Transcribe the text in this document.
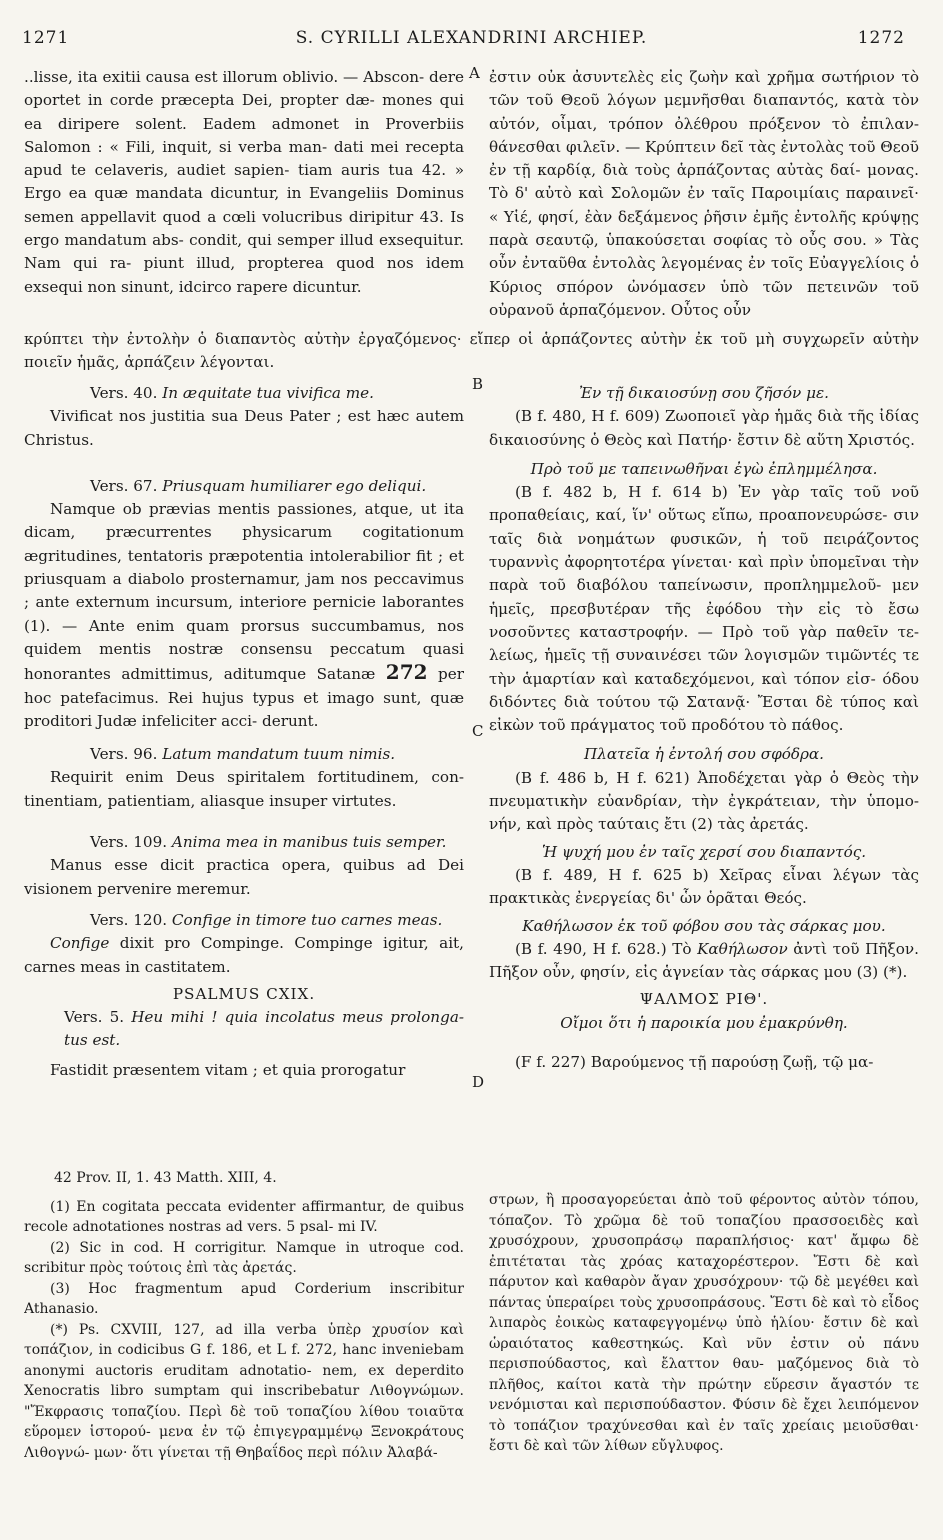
1271	S. CYRILLI ALEXANDRINI ARCHIEP.	1272
A
B
C
D

..lisse, ita exitii causa est illorum oblivio. — Abscon- dere oportet in corde præcepta Dei, propter dæ- mones qui ea diripere solent. Eadem admonet in Proverbiis Salomon : « Fili, inquit, si verba man- dati mei recepta apud te celaveris, audiet sapien- tiam auris tua 42. » Ergo ea quæ mandata dicuntur, in Evangeliis Dominus semen appellavit quod a cœli volucribus diripitur 43. Is ergo mandatum abs- condit, qui semper illud exsequitur. Nam qui ra- piunt illud, propterea quod nos idem exsequi non sinunt, idcirco rapere dicuntur.

ἐστιν οὐκ ἀσυντελὲς εἰς ζωὴν καὶ χρῆμα σωτήριον τὸ τῶν τοῦ Θεοῦ λόγων μεμνῆσθαι διαπαντός, κατὰ τὸν αὐτόν, οἶμαι, τρόπον ὀλέθρου πρόξενον τὸ ἐπιλαν- θάνεσθαι φιλεῖν. — Κρύπτειν δεῖ τὰς ἐντολὰς τοῦ Θεοῦ ἐν τῇ καρδίᾳ, διὰ τοὺς ἁρπάζοντας αὐτὰς δαί- μονας. Τὸ δ' αὐτὸ καὶ Σολομῶν ἐν ταῖς Παροιμίαις παραινεῖ· « Υἱέ, φησί, ἐὰν δεξάμενος ῥῆσιν ἐμῆς ἐντολῆς κρύψῃς παρὰ σεαυτῷ, ὑπακούσεται σοφίας τὸ οὖς σου. » Τὰς οὖν ἐνταῦθα ἐντολὰς λεγομένας ἐν τοῖς Εὐαγγελίοις ὁ Κύριος σπόρον ὠνόμασεν ὑπὸ τῶν πετεινῶν τοῦ οὐρανοῦ ἁρπαζόμενον. Οὗτος οὖν

κρύπτει τὴν ἐντολὴν ὁ διαπαντὸς αὐτὴν ἐργαζόμενος· εἴπερ οἱ ἁρπάζοντες αὐτὴν ἐκ τοῦ μὴ συγχωρεῖν αὐτὴν ποιεῖν ἡμᾶς, ἁρπάζειν λέγονται.

Vers. 40. In æquitate tua vivifica me.

Vivificat nos justitia sua Deus Pater ; est hæc autem Christus.

Vers. 67. Priusquam humiliarer ego deliqui.

Namque ob prævias mentis passiones, atque, ut ita dicam, præcurrentes physicarum cogitationum ægritudines, tentatoris præpotentia intolerabilior fit ; et priusquam a diabolo prosternamur, jam nos peccavimus ; ante externum incursum, interiore pernicie laborantes (1). — Ante enim quam prorsus succumbamus, nos quidem mentis nostræ consensu peccatum quasi honorantes admittimus, aditumque Satanæ 272 per hoc patefacimus. Rei hujus typus et imago sunt, quæ proditori Judæ infeliciter acci- derunt.

Vers. 96. Latum mandatum tuum nimis.

Requirit enim Deus spiritalem fortitudinem, con- tinentiam, patientiam, aliasque insuper virtutes.

Vers. 109. Anima mea in manibus tuis semper.

Manus esse dicit practica opera, quibus ad Dei visionem pervenire meremur.

Vers. 120. Confige in timore tuo carnes meas.

Confige dixit pro Compinge. Compinge igitur, ait, carnes meas in castitatem.

PSALMUS CXIX.

Vers. 5. Heu mihi ! quia incolatus meus prolonga- tus est.

Fastidit præsentem vitam ; et quia prorogatur

Ἐν τῇ δικαιοσύνῃ σου ζῆσόν με.

(B f. 480, H f. 609) Ζωοποιεῖ γὰρ ἡμᾶς διὰ τῆς ἰδίας δικαιοσύνης ὁ Θεὸς καὶ Πατήρ· ἔστιν δὲ αὕτη Χριστός.

Πρὸ τοῦ με ταπεινωθῆναι ἐγὼ ἐπλημμέλησα.

(B f. 482 b, H f. 614 b) Ἐν γὰρ ταῖς τοῦ νοῦ προπαθείαις, καί, ἵν' οὕτως εἴπω, προαπονευρώσε- σιν ταῖς διὰ νοημάτων φυσικῶν, ἡ τοῦ πειράζοντος τυραννὶς ἀφορητοτέρα γίνεται· καὶ πρὶν ὑπομεῖναι τὴν παρὰ τοῦ διαβόλου ταπείνωσιν, προπλημμελοῦ- μεν ἡμεῖς, πρεσβυτέραν τῆς ἐφόδου τὴν εἰς τὸ ἔσω νοσοῦντες καταστροφήν. — Πρὸ τοῦ γὰρ παθεῖν τε- λείως, ἡμεῖς τῇ συναινέσει τῶν λογισμῶν τιμῶντές τε τὴν ἁμαρτίαν καὶ καταδεχόμενοι, καὶ τόπον εἰσ- όδου διδόντες διὰ τούτου τῷ Σατανᾷ· Ἔσται δὲ τύπος καὶ εἰκὼν τοῦ πράγματος τοῦ προδότου τὸ πάθος.

Πλατεῖα ἡ ἐντολή σου σφόδρα.

(B f. 486 b, H f. 621) Ἀποδέχεται γὰρ ὁ Θεὸς τὴν πνευματικὴν εὐανδρίαν, τὴν ἐγκράτειαν, τὴν ὑπομο- νήν, καὶ πρὸς ταύταις ἔτι (2) τὰς ἀρετάς.

Ἡ ψυχή μου ἐν ταῖς χερσί σου διαπαντός.

(B f. 489, H f. 625 b) Χεῖρας εἶναι λέγων τὰς πρακτικὰς ἐνεργείας δι' ὧν ὁρᾶται Θεός.

Καθήλωσον ἐκ τοῦ φόβου σου τὰς σάρκας μου.

(B f. 490, H f. 628.) Τὸ Καθήλωσον ἀντὶ τοῦ Πῆξον. Πῆξον οὖν, φησίν, εἰς ἁγνείαν τὰς σάρκας μου (3) (*).

ΨΑΛΜΟΣ ΡΙΘ'.

Οἴμοι ὅτι ἡ παροικία μου ἐμακρύνθη.

(F f. 227) Βαρούμενος τῇ παρούσῃ ζωῇ, τῷ μα-

42 Prov. II, 1. 43 Matth. XIII, 4.

(1) En cogitata peccata evidenter affirmantur, de quibus recole adnotationes nostras ad vers. 5 psal- mi IV.

(2) Sic in cod. H corrigitur. Namque in utroque cod. scribitur πρὸς τούτοις ἐπὶ τὰς ἀρετάς.

(3) Hoc fragmentum apud Corderium inscribitur Athanasio.

(*) Ps. CXVIII, 127, ad illa verba ὑπὲρ χρυσίον καὶ τοπάζιον, in codicibus G f. 186, et L f. 272, hanc inveniebam anonymi auctoris eruditam adnotatio- nem, ex deperdito Xenocratis libro sumptam qui inscribebatur Λιθογνώμων. "Ἔκφρασις τοπαζίου. Περὶ δὲ τοῦ τοπαζίου λίθου τοιαῦτα εὕρομεν ἱστορού- μενα ἐν τῷ ἐπιγεγραμμένῳ Ξενοκράτους Λιθογνώ- μων· ὅτι γίνεται τῇ Θηβαΐδος περὶ πόλιν Ἀλαβά-

στρων, ἢ προσαγορεύεται ἀπὸ τοῦ φέροντος αὐτὸν τόπου, τόπαζον. Τὸ χρῶμα δὲ τοῦ τοπαζίου πρασσοειδὲς καὶ χρυσόχρουν, χρυσοπράσῳ παραπλήσιος· κατ' ἄμφω δὲ ἐπιτέταται τὰς χρόας καταχορέστερον. Ἔστι δὲ καὶ πάρυτον καὶ καθαρὸν ἄγαν χρυσόχρουν· τῷ δὲ μεγέθει καὶ πάντας ὑπεραίρει τοὺς χρυσοπράσους. Ἔστι δὲ καὶ τὸ εἶδος λιπαρὸς ἐοικὼς καταφεγγομένῳ ὑπὸ ἡλίου· ἔστιν δὲ καὶ ὡραιότατος καθεστηκώς. Καὶ νῦν ἐστιν οὐ πάνυ περισπούδαστος, καὶ ἔλαττον θαυ- μαζόμενος διὰ τὸ πλῆθος, καίτοι κατὰ τὴν πρώτην εὕρεσιν ἄγαστόν τε νενόμισται καὶ περισπούδαστον. Φύσιν δὲ ἔχει λειπόμενον τὸ τοπάζιον τραχύνεσθαι καὶ ἐν ταῖς χρείαις μειοῦσθαι· ἔστι δὲ καὶ τῶν λίθων εὔγλυφος.
